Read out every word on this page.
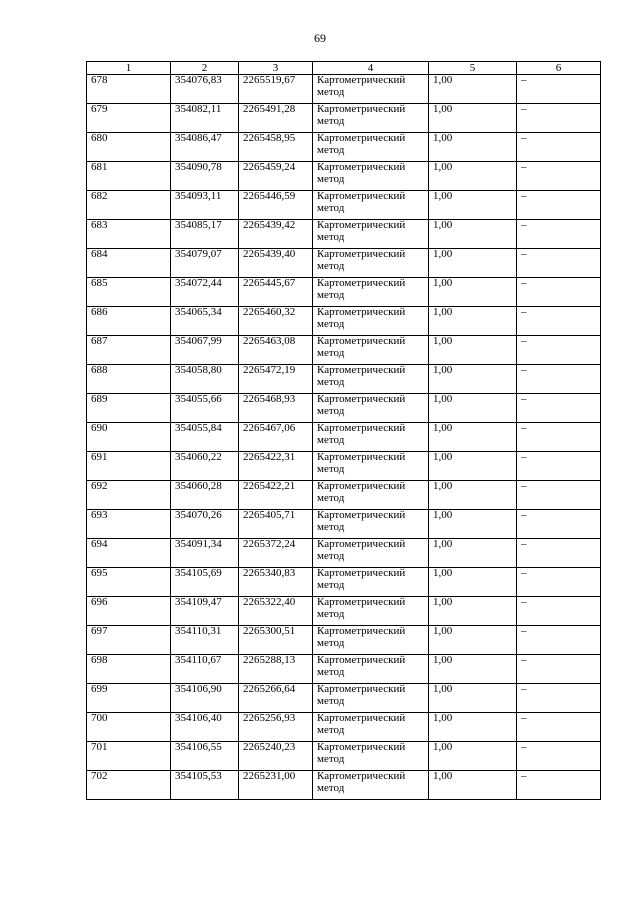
69
1	2	3	4	5	6
678	354076,83	2265519,67	Картометрический
метод	1,00	–
679	354082,11	2265491,28	Картометрический
метод	1,00	–
680	354086,47	2265458,95	Картометрический
метод	1,00	–
681	354090,78	2265459,24	Картометрический
метод	1,00	–
682	354093,11	2265446,59	Картометрический
метод	1,00	–
683	354085,17	2265439,42	Картометрический
метод	1,00	–
684	354079,07	2265439,40	Картометрический
метод	1,00	–
685	354072,44	2265445,67	Картометрический
метод	1,00	–
686	354065,34	2265460,32	Картометрический
метод	1,00	–
687	354067,99	2265463,08	Картометрический
метод	1,00	–
688	354058,80	2265472,19	Картометрический
метод	1,00	–
689	354055,66	2265468,93	Картометрический
метод	1,00	–
690	354055,84	2265467,06	Картометрический
метод	1,00	–
691	354060,22	2265422,31	Картометрический
метод	1,00	–
692	354060,28	2265422,21	Картометрический
метод	1,00	–
693	354070,26	2265405,71	Картометрический
метод	1,00	–
694	354091,34	2265372,24	Картометрический
метод	1,00	–
695	354105,69	2265340,83	Картометрический
метод	1,00	–
696	354109,47	2265322,40	Картометрический
метод	1,00	–
697	354110,31	2265300,51	Картометрический
метод	1,00	–
698	354110,67	2265288,13	Картометрический
метод	1,00	–
699	354106,90	2265266,64	Картометрический
метод	1,00	–
700	354106,40	2265256,93	Картометрический
метод	1,00	–
701	354106,55	2265240,23	Картометрический
метод	1,00	–
702	354105,53	2265231,00	Картометрический
метод	1,00	–
